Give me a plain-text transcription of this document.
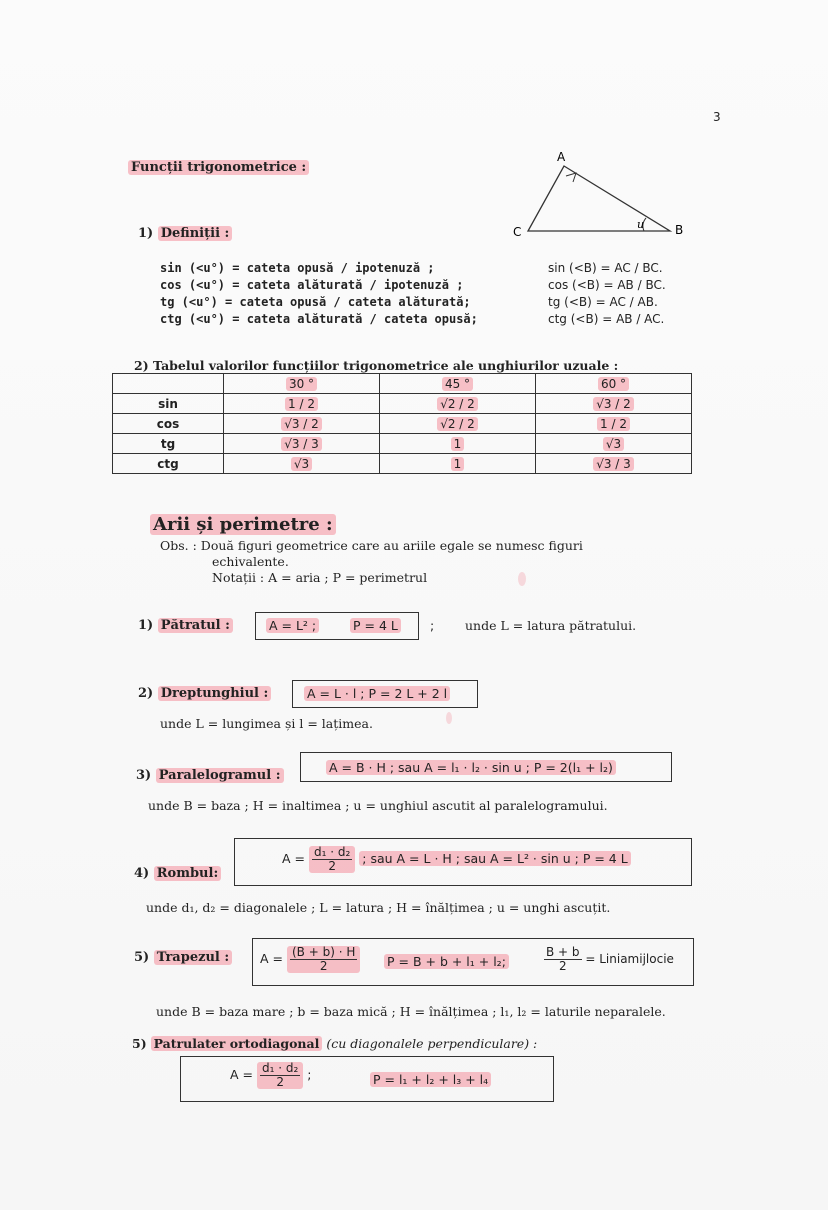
3
Funcții trigonometrice :
1) Definiții :
sin (<u°) = cateta opusă / ipotenuză ;
cos (<u°) = cateta alăturată / ipotenuză ;
tg (<u°) = cateta opusă / cateta alăturată;
ctg (<u°) = cateta alăturată / cateta opusă;
A
B
C
u
sin (<B) = AC / BC.
cos (<B) = AB / BC.
tg (<B) = AC / AB.
ctg (<B) = AB / AC.
2) Tabelul valorilor funcțiilor trigonometrice ale unghiurilor uzuale :
	30 °	45 °	60 °
sin	1 / 2	√2 / 2	√3 / 2
cos	√3 / 2	√2 / 2	1 / 2
tg	√3 / 3	1	√3
ctg	√3	1	√3 / 3
Arii și perimetre :
Obs. : Două figuri geometrice care au ariile egale se numesc figuri
echivalente.
Notații : A = aria ; P = perimetrul
1) Pătratul :	A = L² ;	P = 4 L	; unde L = latura pătratului.
2) Dreptunghiul :	A = L · l ; P = 2 L + 2 l
unde L = lungimea și l = lațimea.
3) Paralelogramul :
A = B · H ; sau A = l₁ · l₂ · sin u ; P = 2(l₁ + l₂)
unde B = baza ; H = inaltimea ; u = unghiul ascutit al paralelogramului.
4) Rombul:
$A = \frac{\text{d₁ · d₂}}{2}$ ; sau A = L · H ; sau A = L² · sin u ; P = 4 L
unde d₁, d₂ = diagonalele ; L = latura ; H = înălțimea ; u = unghi ascuțit.
5) Trapezul : $A = \frac{(B + b) \cdot H}{2}$ P = B + b + l₁ + l₂;	$\frac{B + b}{2}$ = Liniamijlocie
unde B = baza mare ; b = baza mică ; H = înălțimea ; l₁, l₂ = laturile neparalele.
5) Patrulater ortodiagonal (cu diagonalele perpendiculare) :
$A = \frac{\text{d₁ · d₂}}{2}$ ;	P = l₁ + l₂ + l₃ + l₄
